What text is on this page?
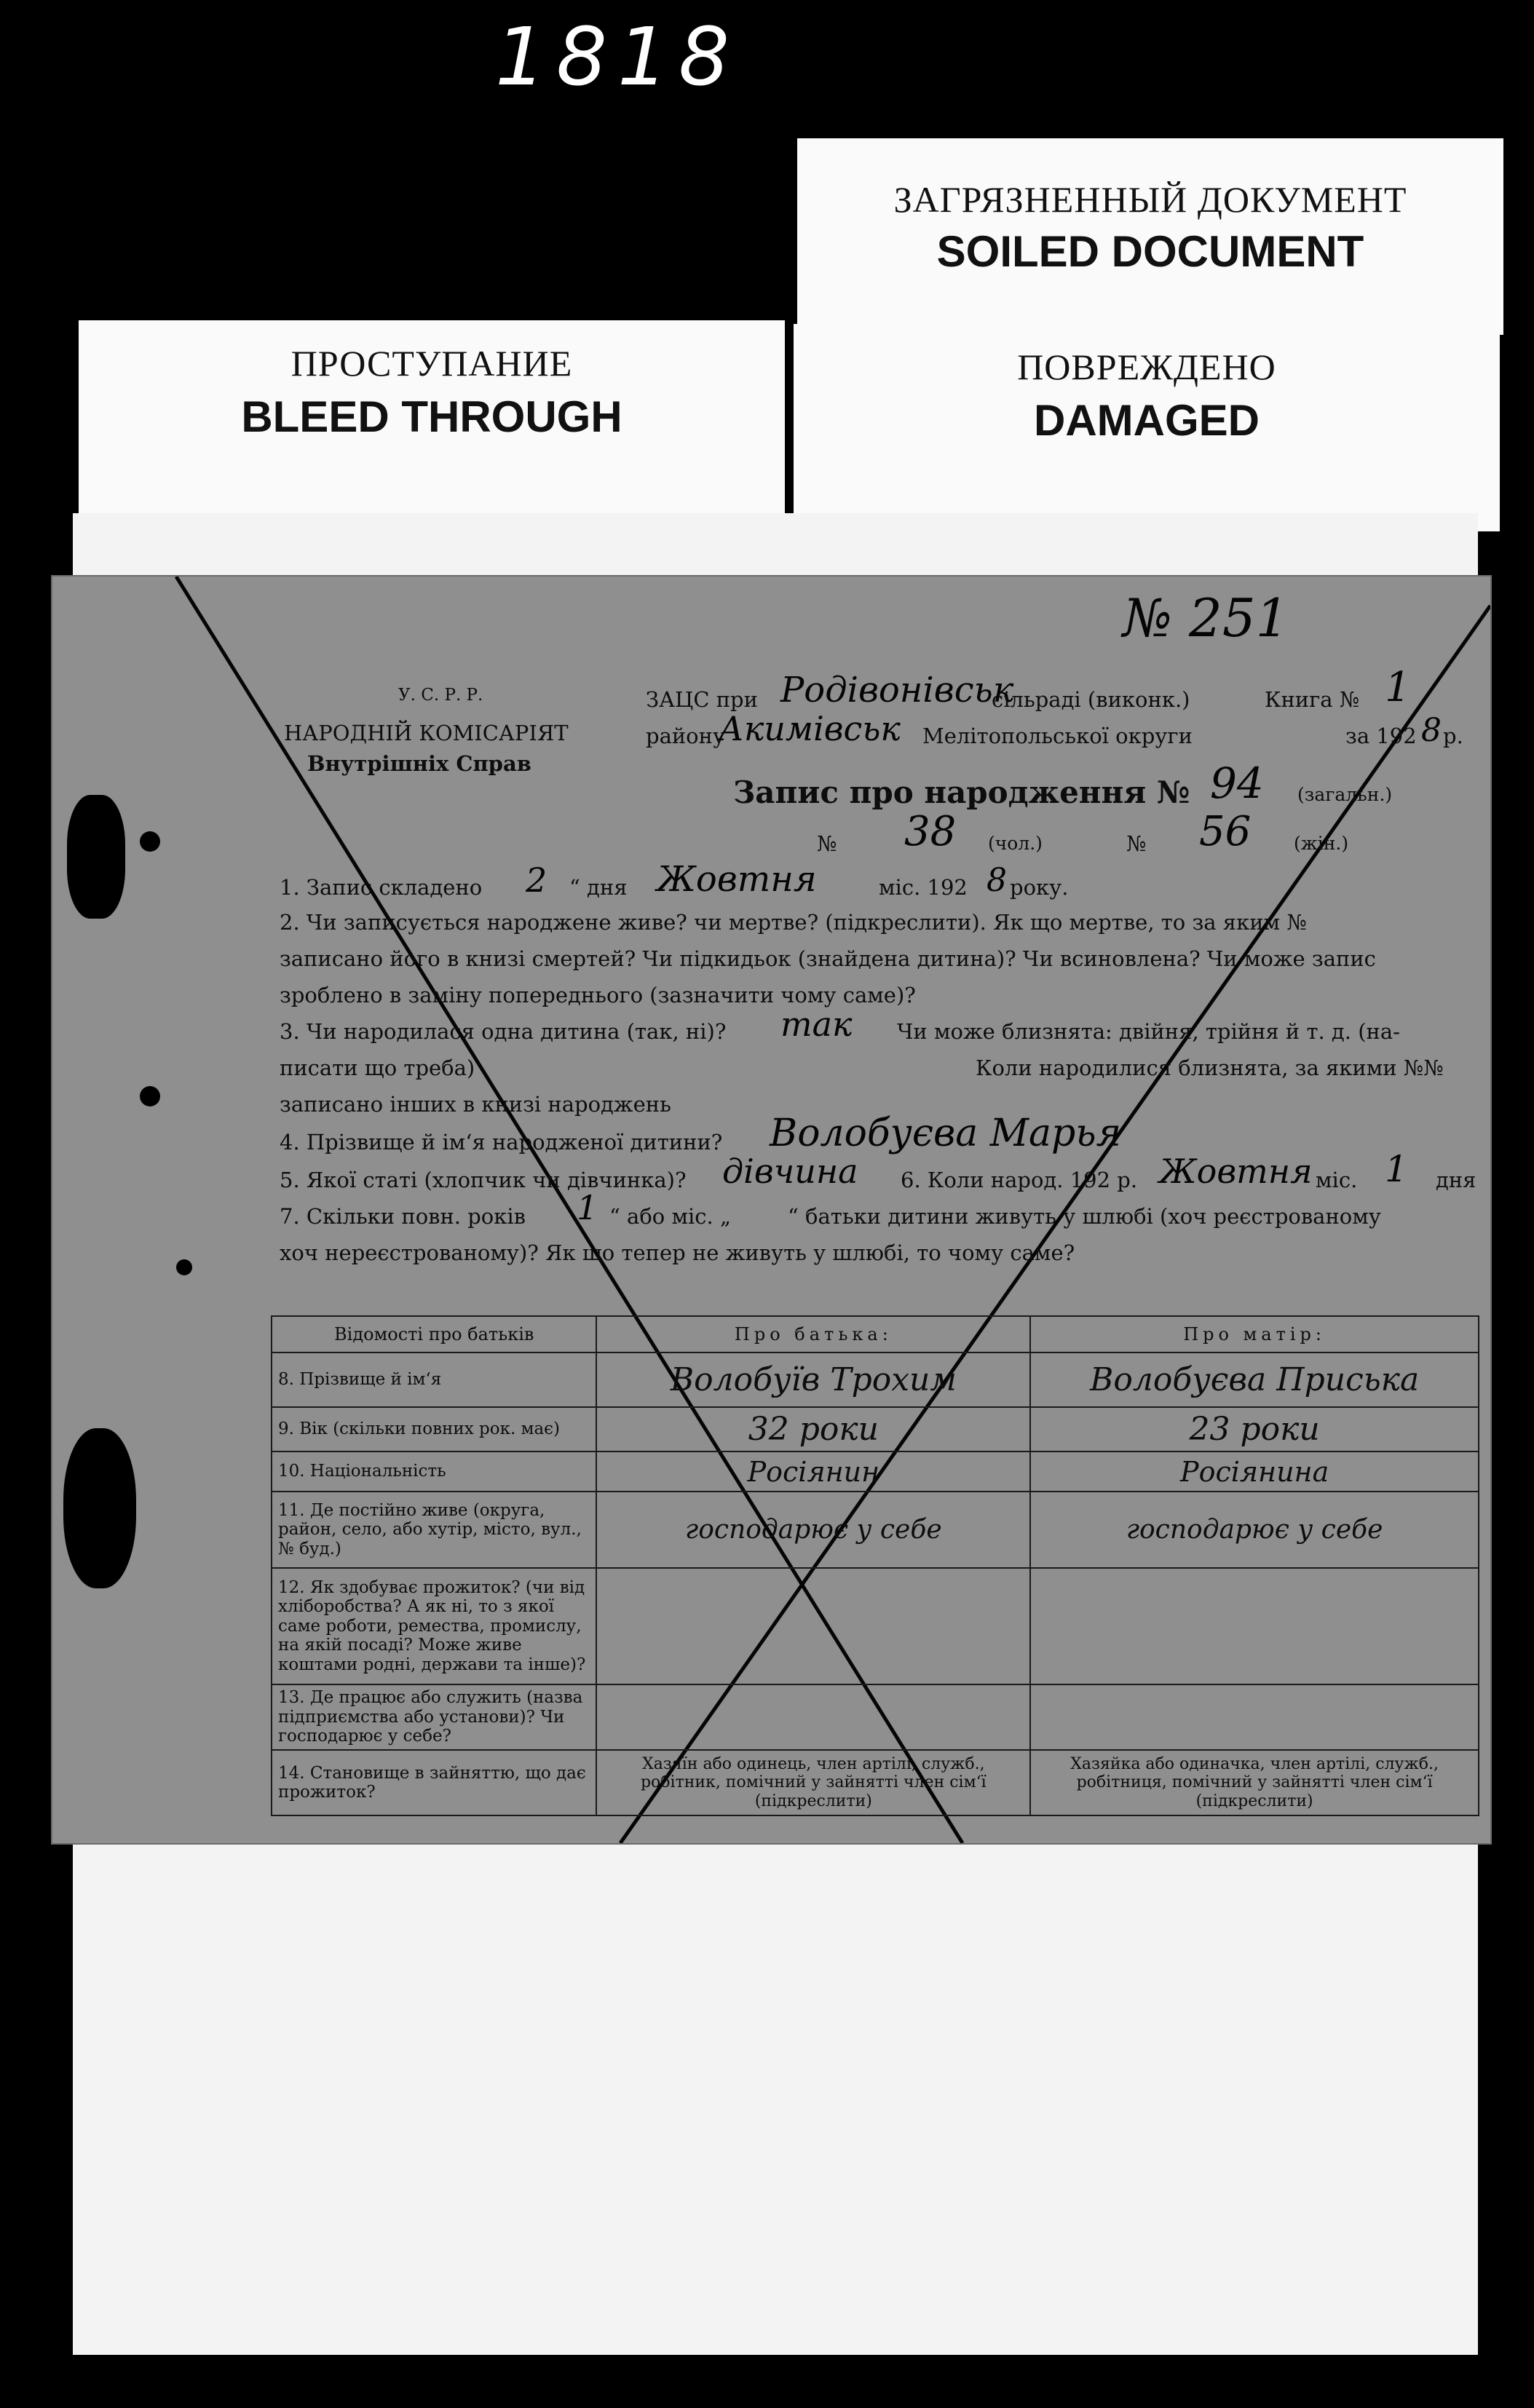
1818
ЗАГРЯЗНЕННЫЙ ДОКУМЕНТ
SOILED DOCUMENT
ПРОСТУПАНИЕ
BLEED THROUGH
ПОВРЕЖДЕНО
DAMAGED
№ 251
У. С. Р. Р.
НАРОДНІЙ КОМІСАРІЯТ
Внутрішніх Справ
ЗАЦС при Родівонівськ
сільраді (виконк.)	Книга № 1
району
Акимівськ Мелітопольської округи	за 192 8 р.
Запис про народження № 94 (загальн.)
№ 38 (чол.)	№ 56 (жін.)
1. Запис складено 2 “ дня Жовтня	міс. 192 8 року.
2. Чи записується народжене живе? чи мертве? (підкреслити). Як що мертве, то за яким №
записано його в книзі смертей? Чи підкидьок (знайдена дитина)? Чи всиновлена? Чи може запис
зроблено в заміну попереднього (зазначити чому саме)?
3. Чи народилася одна дитина (так, ні)? так Чи може близнята: двійня, трійня й т. д. (на-
писати що треба)	Коли народилися близнята, за якими №№
записано інших в книзі народжень
4. Прізвище й ім‘я народженої дитини? Волобуєва Марья
5. Якої статі (хлопчик чи дівчинка)? дівчина 6. Коли народ. 192 р. Жовтня міс. 1 дня
7. Скільки повн. років 1 “ або міс. „	“ батьки дитини живуть у шлюбі (хоч реєстрованому
хоч нереєстрованому)? Як що тепер не живуть у шлюбі, то чому саме?
Відомості про батьків	Про батька:	Про матір:
8. Прізвище й ім‘я	Волобуїв Трохим	Волобуєва Приська
9. Вік (скільки повних рок. має)	32 роки	23 роки
10. Національність	Росіянин	Росіянина
11. Де постійно живе (округа, район, село, або хутір, місто, вул., № буд.)	господарює у себе	господарює у себе
12. Як здобуває прожиток? (чи від хліборобства? А як ні, то з якої саме роботи, ремества, промислу, на якій посаді? Може живе коштами родні, держави та інше)?		
13. Де працює або служить (назва підприємства або установи)? Чи господарює у себе?		
14. Становище в зайняттю, що дає прожиток?	Хазяїн або одинець, член артілі, служб., робітник, помічний у зайнятті член сім‘ї (підкреслити)	Хазяйка або одиначка, член артілі, служб., робітниця, помічний у зайнятті член сім‘ї (підкреслити)
